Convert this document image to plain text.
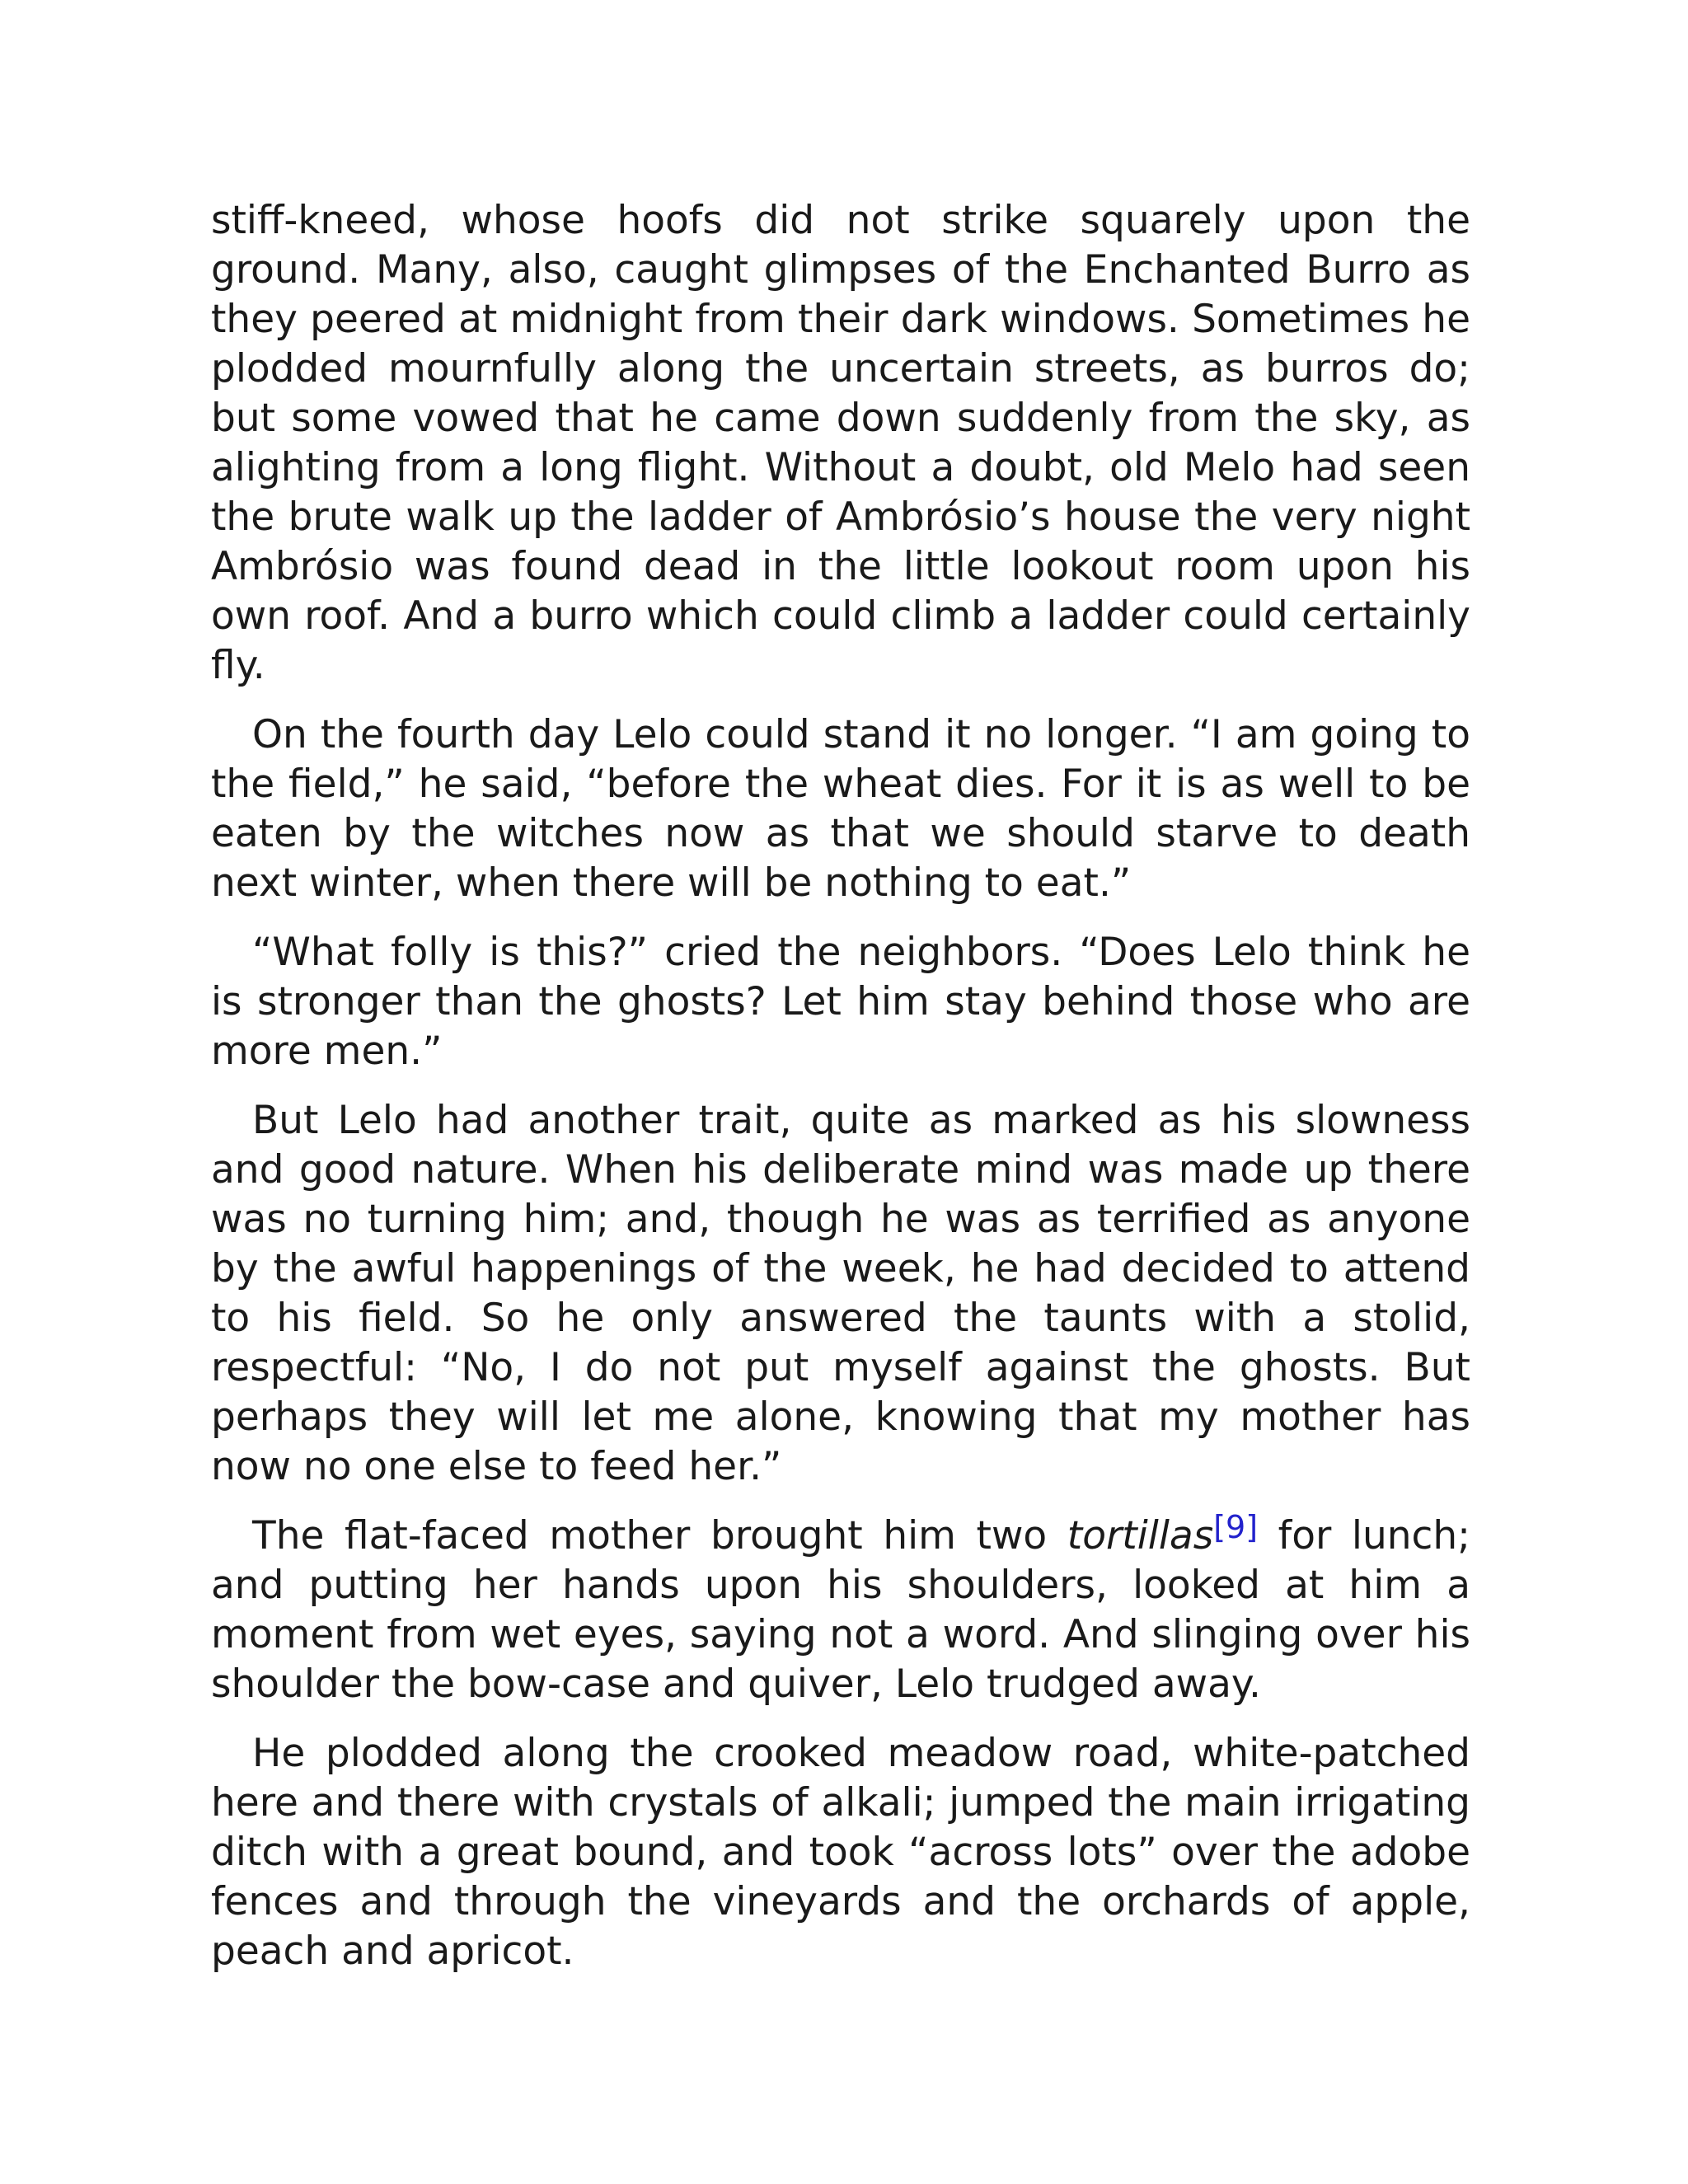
stiff-kneed, whose hoofs did not strike squarely upon the ground. Many, also, caught glimpses of the Enchanted Burro as they peered at midnight from their dark windows. Sometimes he plodded mournfully along the uncertain streets, as burros do; but some vowed that he came down suddenly from the sky, as alighting from a long flight. Without a doubt, old Melo had seen the brute walk up the ladder of Ambrósio’s house the very night Ambrósio was found dead in the little lookout room upon his own roof. And a burro which could climb a ladder could certainly fly.

On the fourth day Lelo could stand it no longer. “I am going to the field,” he said, “before the wheat dies. For it is as well to be eaten by the witches now as that we should starve to death next winter, when there will be nothing to eat.”

“What folly is this?” cried the neighbors. “Does Lelo think he is stronger than the ghosts? Let him stay behind those who are more men.”

But Lelo had another trait, quite as marked as his slowness and good nature. When his deliberate mind was made up there was no turning him; and, though he was as terrified as anyone by the awful happenings of the week, he had decided to attend to his field. So he only answered the taunts with a stolid, respectful: “No, I do not put myself against the ghosts. But perhaps they will let me alone, knowing that my mother has now no one else to feed her.”

The flat-faced mother brought him two tortillas[9] for lunch; and putting her hands upon his shoulders, looked at him a moment from wet eyes, saying not a word. And slinging over his shoulder the bow-case and quiver, Lelo trudged away.

He plodded along the crooked meadow road, white-patched here and there with crystals of alkali; jumped the main irrigating ditch with a great bound, and took “across lots” over the adobe fences and through the vineyards and the orchards of apple, peach and apricot.
